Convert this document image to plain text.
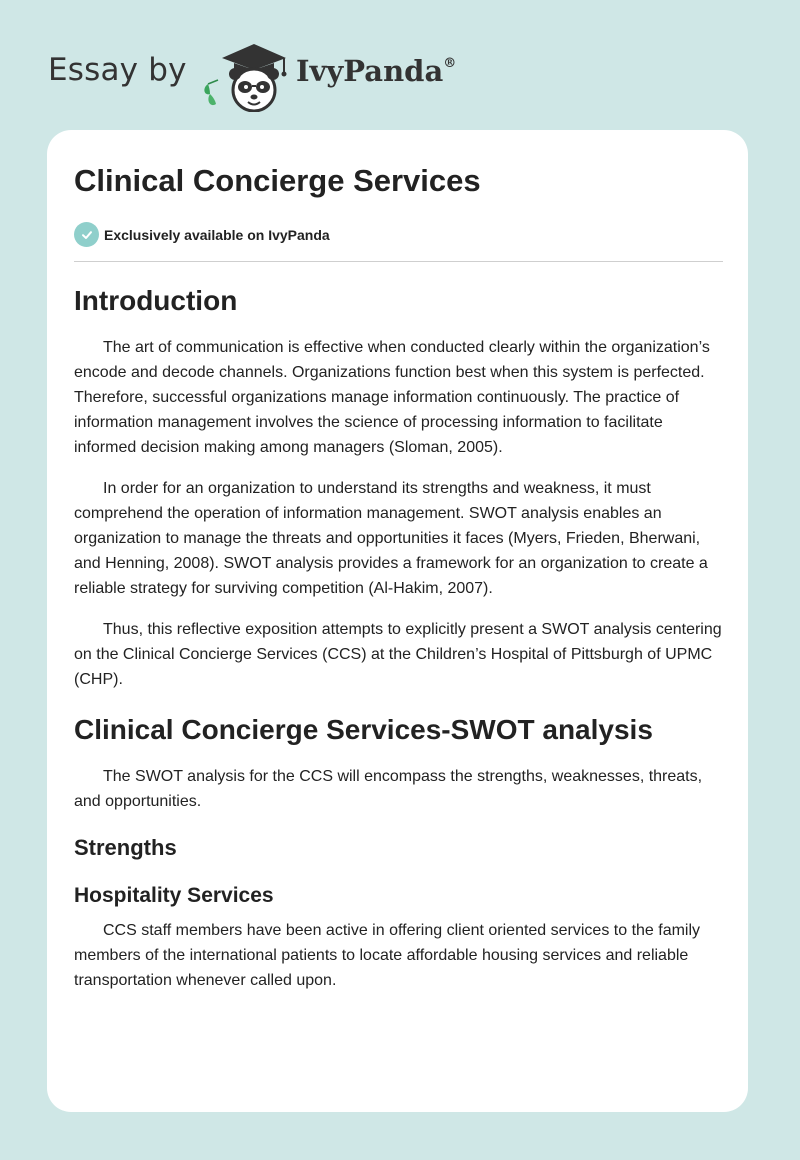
Essay by	IvyPanda®
Clinical Concierge Services
Exclusively available on IvyPanda
Introduction

The art of communication is effective when conducted clearly within the organization’s encode and decode channels. Organizations function best when this system is perfected. Therefore, successful organizations manage information continuously. The practice of information management involves the science of processing information to facilitate informed decision making among managers (Sloman, 2005).

In order for an organization to understand its strengths and weakness, it must comprehend the operation of information management. SWOT analysis enables an organization to manage the threats and opportunities it faces (Myers, Frieden, Bherwani, and Henning, 2008). SWOT analysis provides a framework for an organization to create a reliable strategy for surviving competition (Al-Hakim, 2007).

Thus, this reflective exposition attempts to explicitly present a SWOT analysis centering on the Clinical Concierge Services (CCS) at the Children’s Hospital of Pittsburgh of UPMC (CHP).

Clinical Concierge Services-SWOT analysis

The SWOT analysis for the CCS will encompass the strengths, weaknesses, threats, and opportunities.

Strengths
Hospitality Services

CCS staff members have been active in offering client oriented services to the family members of the international patients to locate affordable housing services and reliable transportation whenever called upon.
